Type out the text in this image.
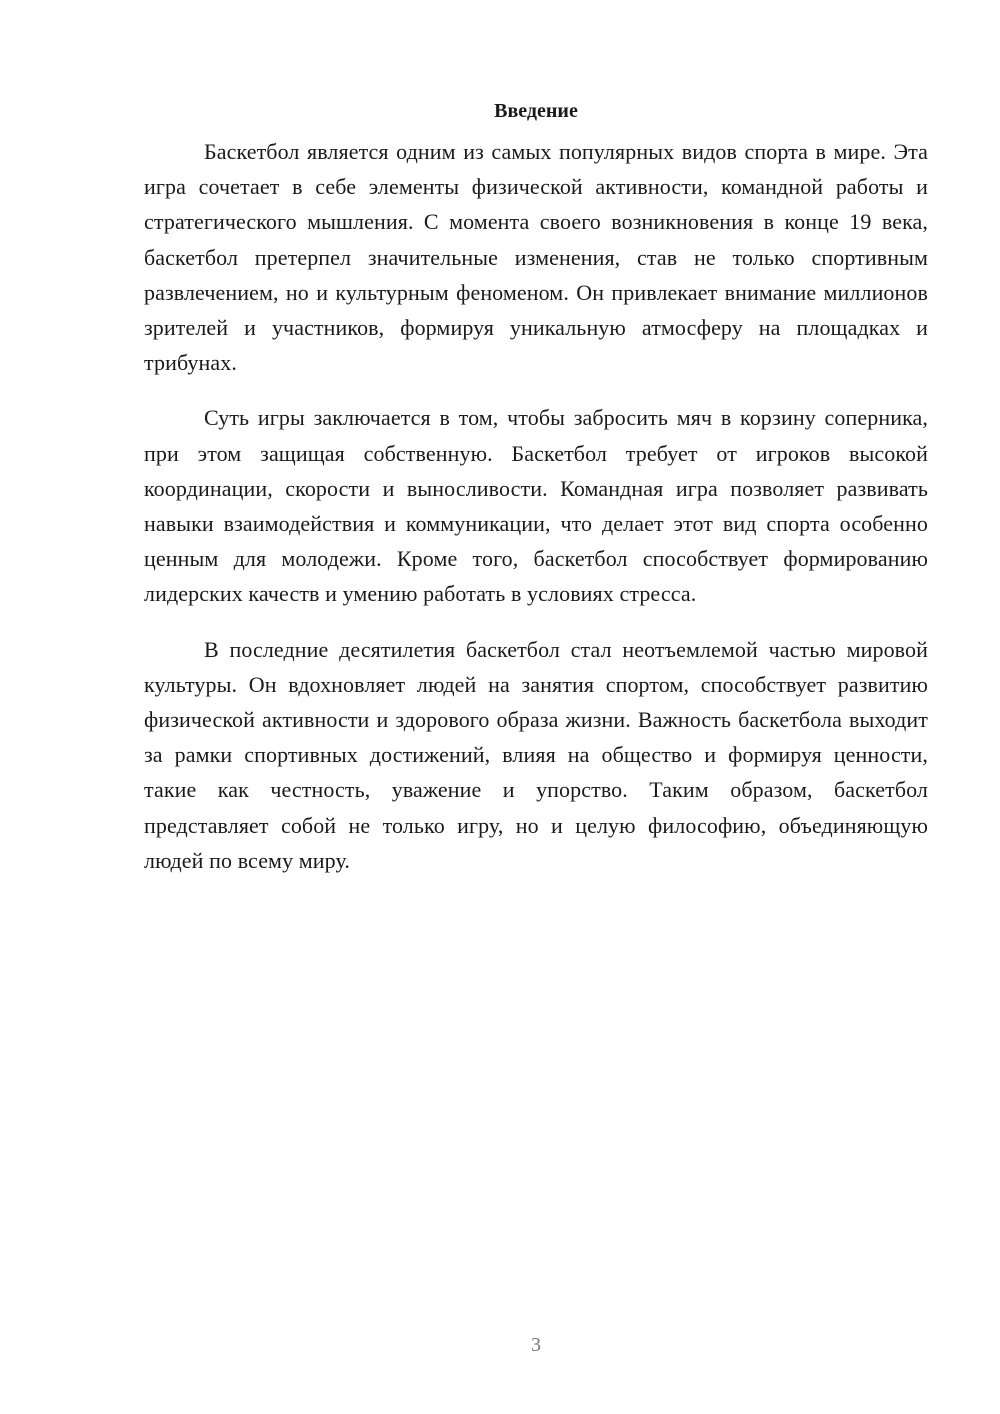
Введение

Баскетбол является одним из самых популярных видов спорта в мире. Эта игра сочетает в себе элементы физической активности, командной работы и стратегического мышления. С момента своего возникновения в конце 19 века, баскетбол претерпел значительные изменения, став не только спортивным развлечением, но и культурным феноменом. Он привлекает внимание миллионов зрителей и участников, формируя уникальную атмосферу на площадках и трибунах.

Суть игры заключается в том, чтобы забросить мяч в корзину соперника, при этом защищая собственную. Баскетбол требует от игроков высокой координации, скорости и выносливости. Командная игра позволяет развивать навыки взаимодействия и коммуникации, что делает этот вид спорта особенно ценным для молодежи. Кроме того, баскетбол способствует формированию лидерских качеств и умению работать в условиях стресса.

В последние десятилетия баскетбол стал неотъемлемой частью мировой культуры. Он вдохновляет людей на занятия спортом, способствует развитию физической активности и здорового образа жизни. Важность баскетбола выходит за рамки спортивных достижений, влияя на общество и формируя ценности, такие как честность, уважение и упорство. Таким образом, баскетбол представляет собой не только игру, но и целую философию, объединяющую людей по всему миру.

3
